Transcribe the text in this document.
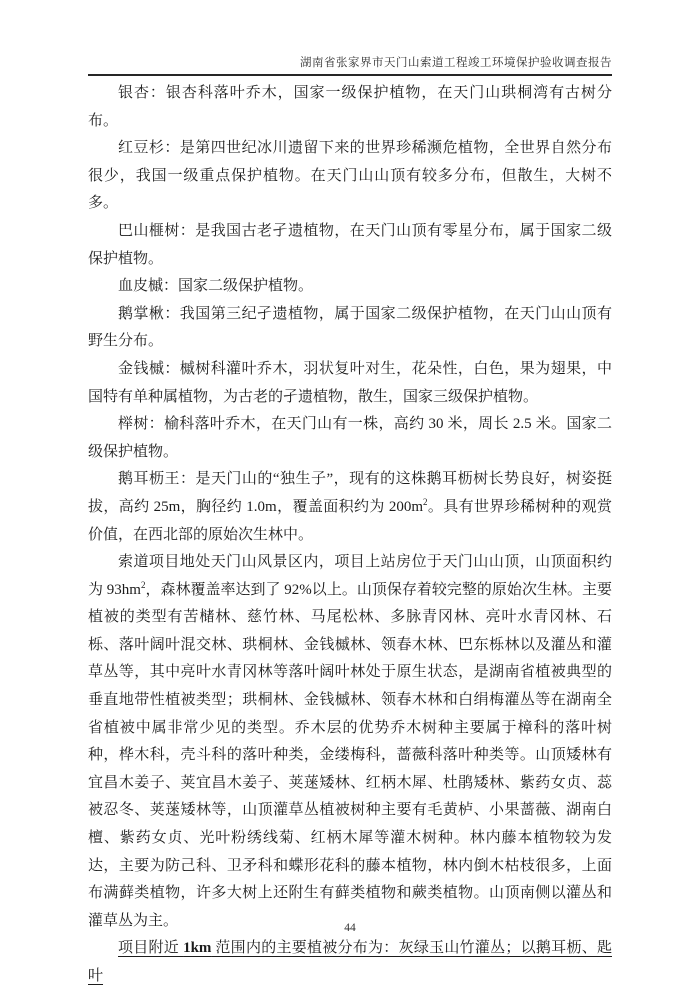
湖南省张家界市天门山索道工程竣工环境保护验收调查报告

银杏：银杏科落叶乔木，国家一级保护植物，在天门山珙桐湾有古树分布。

红豆杉：是第四世纪冰川遗留下来的世界珍稀濒危植物，全世界自然分布很少，我国一级重点保护植物。在天门山山顶有较多分布，但散生，大树不多。

巴山榧树：是我国古老孑遗植物，在天门山顶有零星分布，属于国家二级保护植物。

血皮槭：国家二级保护植物。

鹅掌楸：我国第三纪孑遗植物，属于国家二级保护植物，在天门山山顶有野生分布。

金钱槭：槭树科灌叶乔木，羽状复叶对生，花朵性，白色，果为翅果，中国特有单种属植物，为古老的孑遗植物，散生，国家三级保护植物。

榉树：榆科落叶乔木，在天门山有一株，高约 30 米，周长 2.5 米。国家二级保护植物。

鹅耳枥王：是天门山的“独生子”，现有的这株鹅耳枥树长势良好，树姿挺拔，高约 25m，胸径约 1.0m，覆盖面积约为 $200m^2$。具有世界珍稀树种的观赏价值，在西北部的原始次生林中。

索道项目地处天门山风景区内，项目上站房位于天门山山顶，山顶面积约为 $93hm^2$，森林覆盖率达到了 92%以上。山顶保存着较完整的原始次生林。主要植被的类型有苦槠林、慈竹林、马尾松林、多脉青冈林、亮叶水青冈林、石栎、落叶阔叶混交林、珙桐林、金钱槭林、领春木林、巴东栎林以及灌丛和灌草丛等，其中亮叶水青冈林等落叶阔叶林处于原生状态，是湖南省植被典型的垂直地带性植被类型；珙桐林、金钱槭林、领春木林和白绢梅灌丛等在湖南全省植被中属非常少见的类型。乔木层的优势乔木树种主要属于樟科的落叶树种，桦木科，壳斗科的落叶种类，金缕梅科，蔷薇科落叶种类等。山顶矮林有宜昌木姜子、荚宜昌木姜子、荚蒾矮林、红柄木犀、杜鹃矮林、紫药女贞、蕊被忍冬、荚蒾矮林等，山顶灌草丛植被树种主要有毛黄栌、小果蔷薇、湖南白檀、紫药女贞、光叶粉绣线菊、红柄木犀等灌木树种。林内藤本植物较为发达，主要为防己科、卫矛科和蝶形花科的藤本植物，林内倒木枯枝很多，上面布满藓类植物，许多大树上还附生有藓类植物和蕨类植物。山顶南侧以灌丛和灌草丛为主。

项目附近 1km 范围内的主要植被分布为：灰绿玉山竹灌丛；以鹅耳枥、匙叶

44
